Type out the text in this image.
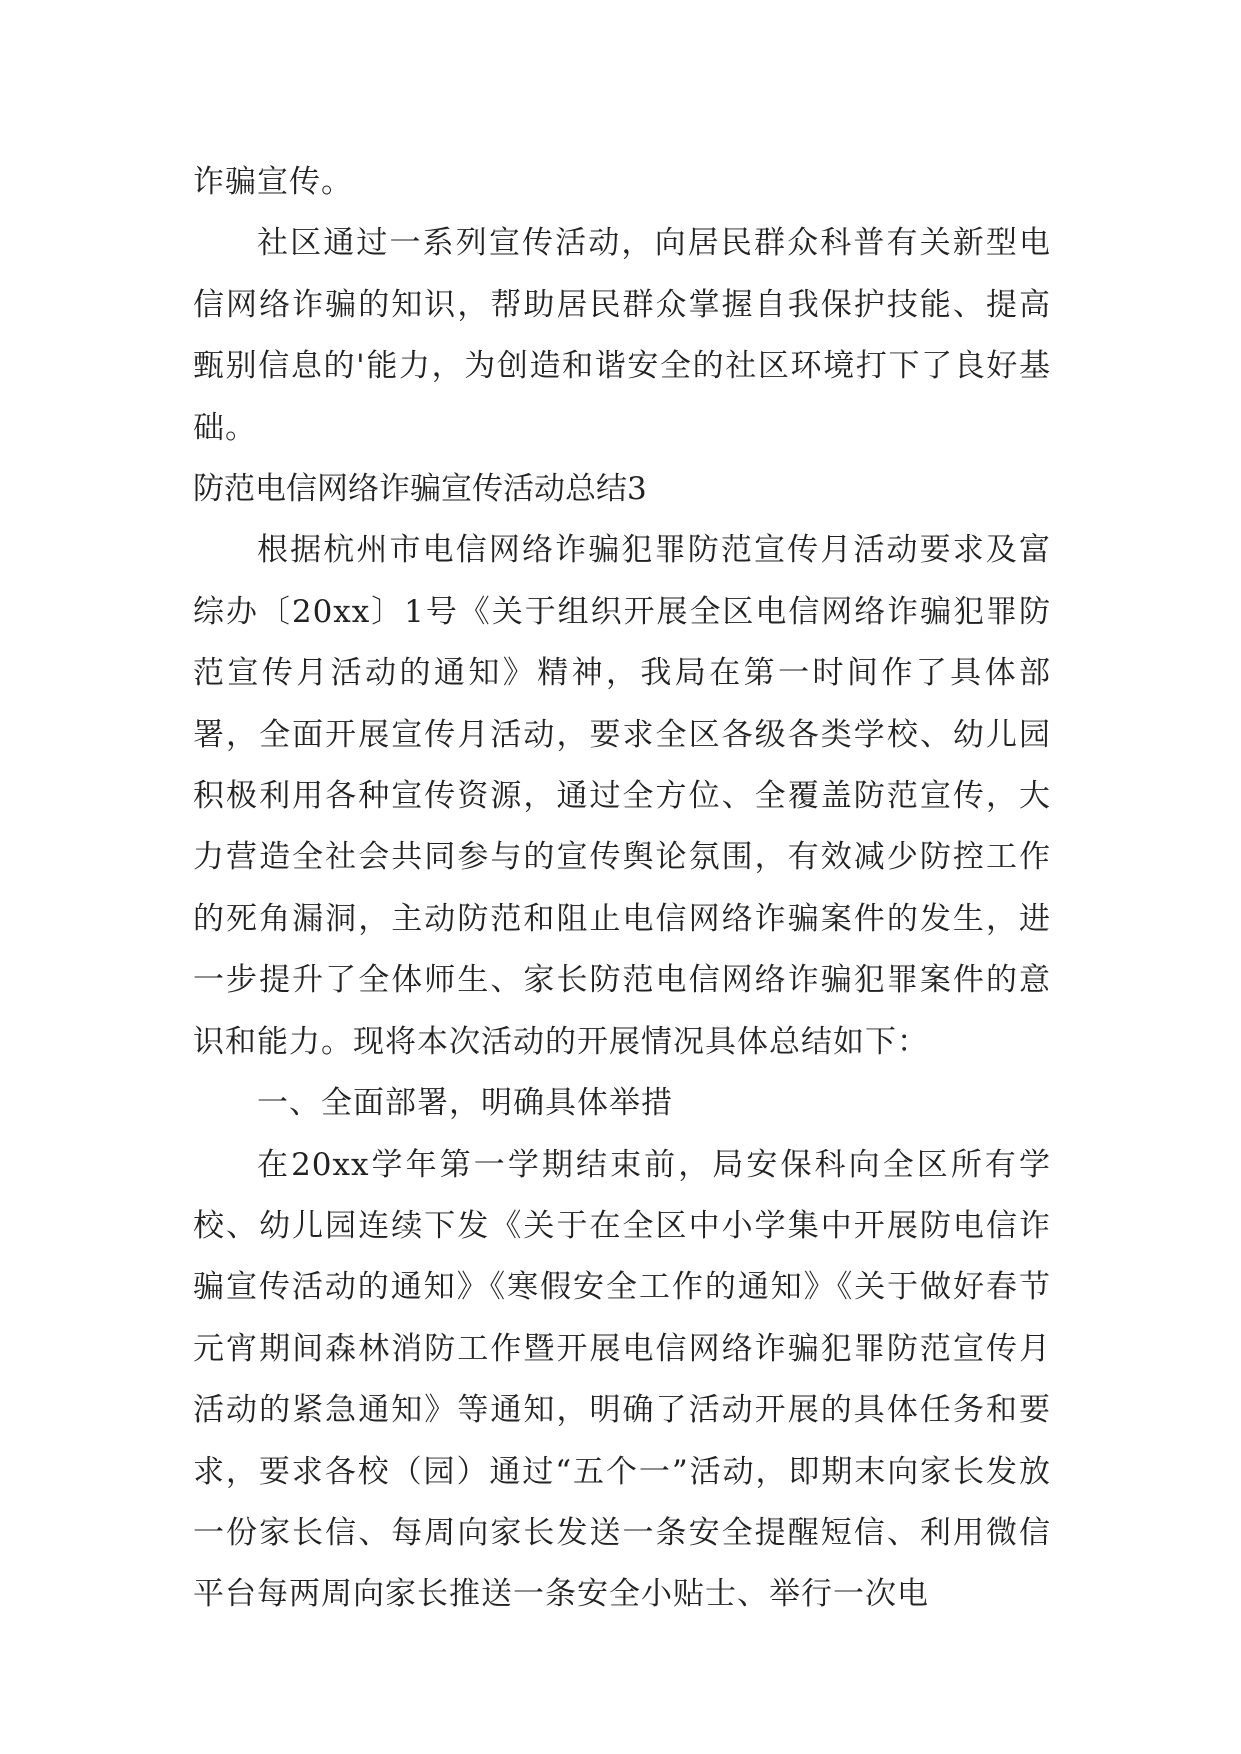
诈骗宣传。

社区通过一系列宣传活动，向居民群众科普有关新型电信网络诈骗的知识，帮助居民群众掌握自我保护技能、提高甄别信息的'能力，为创造和谐安全的社区环境打下了良好基础。

防范电信网络诈骗宣传活动总结3

根据杭州市电信网络诈骗犯罪防范宣传月活动要求及富综办〔20xx〕1号《关于组织开展全区电信网络诈骗犯罪防范宣传月活动的通知》精神，我局在第一时间作了具体部署，全面开展宣传月活动，要求全区各级各类学校、幼儿园积极利用各种宣传资源，通过全方位、全覆盖防范宣传，大力营造全社会共同参与的宣传舆论氛围，有效减少防控工作的死角漏洞，主动防范和阻止电信网络诈骗案件的发生，进一步提升了全体师生、家长防范电信网络诈骗犯罪案件的意识和能力。现将本次活动的开展情况具体总结如下：

一、全面部署，明确具体举措

在20xx学年第一学期结束前，局安保科向全区所有学校、幼儿园连续下发《关于在全区中小学集中开展防电信诈骗宣传活动的通知》《寒假安全工作的通知》《关于做好春节元宵期间森林消防工作暨开展电信网络诈骗犯罪防范宣传月活动的紧急通知》等通知，明确了活动开展的具体任务和要求，要求各校（园）通过“五个一”活动，即期末向家长发放一份家长信、每周向家长发送一条安全提醒短信、利用微信平台每两周向家长推送一条安全小贴士、举行一次电
